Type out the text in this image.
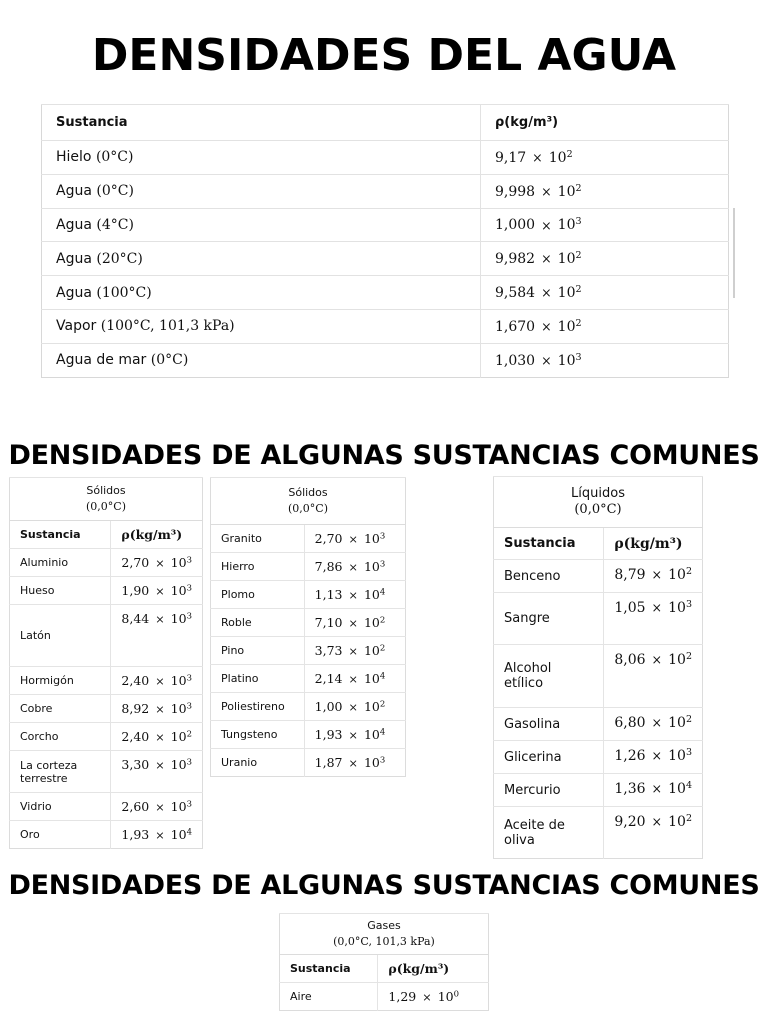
DENSIDADES DEL AGUA
Sustancia	ρ(kg/m³)
Hielo (0°C)	$9,17 \times 10^2$
Agua (0°C)	$9,998 \times 10^2$
Agua (4°C)	$1,000 \times 10^3$
Agua (20°C)	$9,982 \times 10^2$
Agua (100°C)	$9,584 \times 10^2$
Vapor (100°C, 101,3 kPa)	$1,670 \times 10^2$
Agua de mar (0°C)	$1,030 \times 10^3$
DENSIDADES DE ALGUNAS SUSTANCIAS COMUNES
Sólidos
(0,0°C)	

Sustancia	ρ(kg/m³)
Aluminio	$2,70 \times 10^3$
Hueso	$1,90 \times 10^3$
Latón	$8,44 \times 10^3$
Hormigón	$2,40 \times 10^3$
Cobre	$8,92 \times 10^3$
Corcho	$2,40 \times 10^2$
La corteza terrestre	$3,30 \times 10^3$
Vidrio	$2,60 \times 10^3$
Oro	$1,93 \times 10^4$
Sólidos
(0,0°C)	

Granito	$2,70 \times 10^3$
Hierro	$7,86 \times 10^3$
Plomo	$1,13 \times 10^4$
Roble	$7,10 \times 10^2$
Pino	$3,73 \times 10^2$
Platino	$2,14 \times 10^4$
Poliestireno	$1,00 \times 10^2$
Tungsteno	$1,93 \times 10^4$
Uranio	$1,87 \times 10^3$
Líquidos
(0,0°C)	

Sustancia	ρ(kg/m³)
Benceno	$8,79 \times 10^2$
Sangre	$1,05 \times 10^3$
Alcohol etílico	$8,06 \times 10^2$
Gasolina	$6,80 \times 10^2$
Glicerina	$1,26 \times 10^3$
Mercurio	$1,36 \times 10^4$
Aceite de oliva	$9,20 \times 10^2$
DENSIDADES DE ALGUNAS SUSTANCIAS COMUNES
Gases
(0,0°C, 101,3 kPa)	

Sustancia	ρ(kg/m³)
Aire	$1,29 \times 10^0$
